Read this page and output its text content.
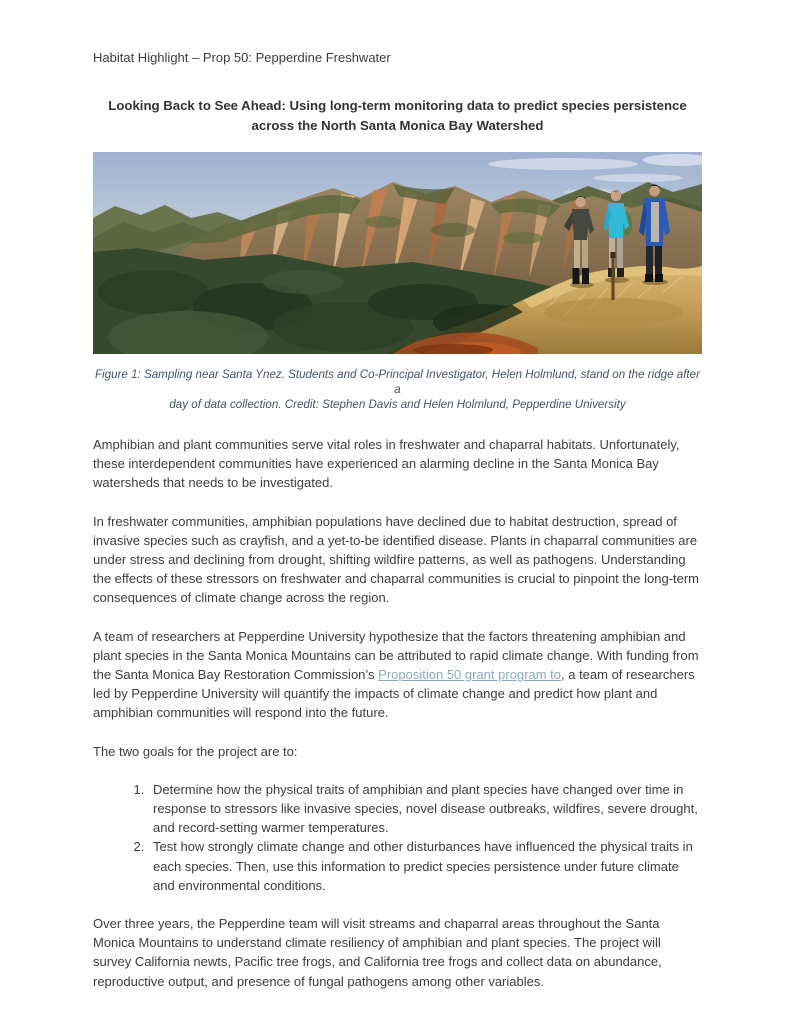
Habitat Highlight – Prop 50: Pepperdine Freshwater
Looking Back to See Ahead: Using long-term monitoring data to predict species persistence
across the North Santa Monica Bay Watershed
Figure 1: Sampling near Santa Ynez. Students and Co-Principal Investigator, Helen Holmlund, stand on the ridge after a
day of data collection. Credit: Stephen Davis and Helen Holmlund, Pepperdine University

Amphibian and plant communities serve vital roles in freshwater and chaparral habitats. Unfortunately, these interdependent communities have experienced an alarming decline in the Santa Monica Bay watersheds that needs to be investigated.

In freshwater communities, amphibian populations have declined due to habitat destruction, spread of invasive species such as crayfish, and a yet-to-be identified disease. Plants in chaparral communities are under stress and declining from drought, shifting wildfire patterns, as well as pathogens. Understanding the effects of these stressors on freshwater and chaparral communities is crucial to pinpoint the long-term consequences of climate change across the region.

A team of researchers at Pepperdine University hypothesize that the factors threatening amphibian and plant species in the Santa Monica Mountains can be attributed to rapid climate change. With funding from the Santa Monica Bay Restoration Commission’s Proposition 50 grant program to, a team of researchers led by Pepperdine University will quantify the impacts of climate change and predict how plant and amphibian communities will respond into the future.

The two goals for the project are to:

1. Determine how the physical traits of amphibian and plant species have changed over time in response to stressors like invasive species, novel disease outbreaks, wildfires, severe drought, and record-setting warmer temperatures.
2. Test how strongly climate change and other disturbances have influenced the physical traits in each species. Then, use this information to predict species persistence under future climate and environmental conditions.

Over three years, the Pepperdine team will visit streams and chaparral areas throughout the Santa Monica Mountains to understand climate resiliency of amphibian and plant species. The project will survey California newts, Pacific tree frogs, and California tree frogs and collect data on abundance, reproductive output, and presence of fungal pathogens among other variables.
